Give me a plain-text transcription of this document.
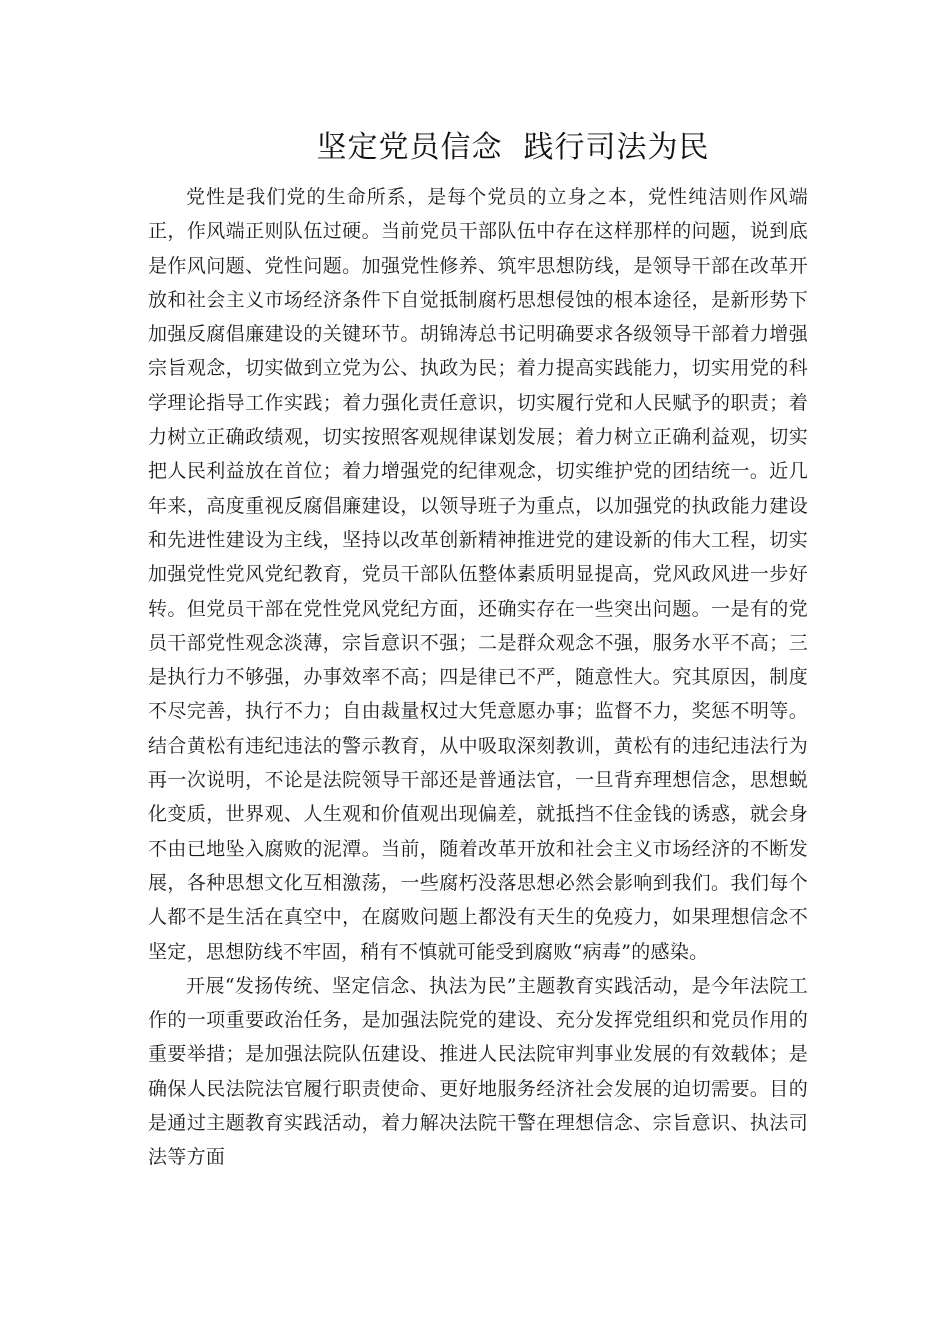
坚定党员信念  践行司法为民

党性是我们党的生命所系，是每个党员的立身之本，党性纯洁则作风端正，作风端正则队伍过硬。当前党员干部队伍中存在这样那样的问题，说到底是作风问题、党性问题。加强党性修养、筑牢思想防线，是领导干部在改革开放和社会主义市场经济条件下自觉抵制腐朽思想侵蚀的根本途径，是新形势下加强反腐倡廉建设的关键环节。胡锦涛总书记明确要求各级领导干部着力增强宗旨观念，切实做到立党为公、执政为民；着力提高实践能力，切实用党的科学理论指导工作实践；着力强化责任意识，切实履行党和人民赋予的职责；着力树立正确政绩观，切实按照客观规律谋划发展；着力树立正确利益观，切实把人民利益放在首位；着力增强党的纪律观念，切实维护党的团结统一。近几年来，高度重视反腐倡廉建设，以领导班子为重点，以加强党的执政能力建设和先进性建设为主线，坚持以改革创新精神推进党的建设新的伟大工程，切实加强党性党风党纪教育，党员干部队伍整体素质明显提高，党风政风进一步好转。但党员干部在党性党风党纪方面，还确实存在一些突出问题。一是有的党员干部党性观念淡薄，宗旨意识不强；二是群众观念不强，服务水平不高；三是执行力不够强，办事效率不高；四是律已不严，随意性大。究其原因，制度不尽完善，执行不力；自由裁量权过大凭意愿办事；监督不力，奖惩不明等。结合黄松有违纪违法的警示教育，从中吸取深刻教训，黄松有的违纪违法行为再一次说明，不论是法院领导干部还是普通法官，一旦背弃理想信念，思想蜕化变质，世界观、人生观和价值观出现偏差，就抵挡不住金钱的诱惑，就会身不由已地坠入腐败的泥潭。当前，随着改革开放和社会主义市场经济的不断发展，各种思想文化互相激荡，一些腐朽没落思想必然会影响到我们。我们每个人都不是生活在真空中，在腐败问题上都没有天生的免疫力，如果理想信念不坚定，思想防线不牢固，稍有不慎就可能受到腐败“病毒”的感染。

开展“发扬传统、坚定信念、执法为民”主题教育实践活动，是今年法院工作的一项重要政治任务，是加强法院党的建设、充分发挥党组织和党员作用的重要举措；是加强法院队伍建设、推进人民法院审判事业发展的有效载体；是确保人民法院法官履行职责使命、更好地服务经济社会发展的迫切需要。目的是通过主题教育实践活动，着力解决法院干警在理想信念、宗旨意识、执法司法等方面
